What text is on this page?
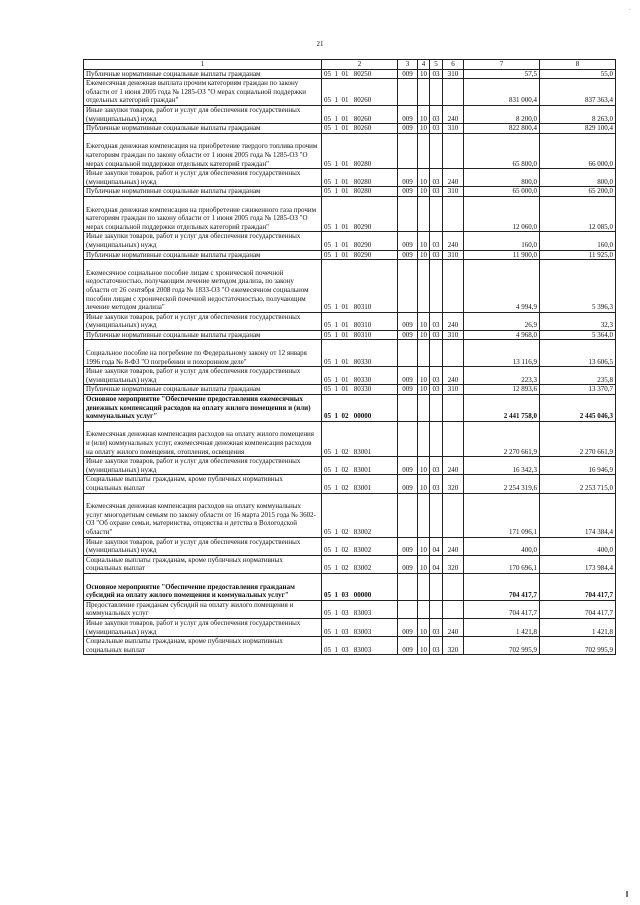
.
21
1	2	3	4	5	6	7	8
Публичные нормативные социальные выплаты гражданам	05  1  01   80250	009	10	03	310	57,5	55,0
Ежемесячная денежная выплата прочим категориям граждан по закону области от 1 июня 2005 года № 1285-ОЗ "О мерах социальной поддержки отдельных категорий граждан"	05  1  01   80260					831 000,4	837 363,4
Иные закупки товаров, работ и услуг для обеспечения государственных (муниципальных) нужд	05  1  01   80260	009	10	03	240	8 200,0	8 263,0
Публичные нормативные социальные выплаты гражданам	05  1  01   80260	009	10	03	310	822 800,4	829 100,4
Ежегодная денежная компенсация на приобретение твердого топлива прочим категориям граждан по закону области от 1 июня 2005 года № 1285-ОЗ "О мерах социальной поддержки отдельных категорий граждан"	05  1  01   80280					65 800,0	66 000,0
Иные закупки товаров, работ и услуг для обеспечения государственных (муниципальных) нужд	05  1  01   80280	009	10	03	240	800,0	800,0
Публичные нормативные социальные выплаты гражданам	05  1  01   80280	009	10	03	310	65 000,0	65 200,0
Ежегодная денежная компенсация на приобретение сжиженного газа прочим категориям граждан по закону области от 1 июня 2005 года № 1285-ОЗ "О мерах социальной поддержки отдельных категорий граждан"	05  1  01   80290					12 060,0	12 085,0
Иные закупки товаров, работ и услуг для обеспечения государственных (муниципальных) нужд	05  1  01   80290	009	10	03	240	160,0	160,0
Публичные нормативные социальные выплаты гражданам	05  1  01   80290	009	10	03	310	11 900,0	11 925,0
Ежемесячное социальное пособие лицам с хронической почечной недостаточностью, получающим лечение методом диализа, по закону области от 26 сентября 2008 года № 1833-ОЗ "О ежемесячном социальном пособии лицам с хронической почечной недостаточностью, получающим лечение методом диализа"	05  1  01   80310					4 994,9	5 396,3
Иные закупки товаров, работ и услуг для обеспечения государственных (муниципальных) нужд	05  1  01   80310	009	10	03	240	26,9	32,3
Публичные нормативные социальные выплаты гражданам	05  1  01   80310	009	10	03	310	4 968,0	5 364,0
Социальное пособие на погребение по Федеральному закону от 12 января 1996 года № 8-ФЗ "О погребении и похоронном деле"	05  1  01   80330					13 116,9	13 606,5
Иные закупки товаров, работ и услуг для обеспечения государственных (муниципальных) нужд	05  1  01   80330	009	10	03	240	223,3	235,8
Публичные нормативные социальные выплаты гражданам	05  1  01   80330	009	10	03	310	12 893,6	13 370,7
Основное мероприятие "Обеспечение предоставления ежемесячных денежных компенсаций расходов на оплату жилого помещения и (или) коммунальных услуг"	05  1  02   00000					2 441 758,0	2 445 046,3
Ежемесячная денежная компенсация расходов на оплату жилого помещения и (или) коммунальных услуг, ежемесячная денежная компенсация расходов на оплату жилого помещения, отопления, освещения	05  1  02   83001					2 270 661,9	2 270 661,9
Иные закупки товаров, работ и услуг для обеспечения государственных (муниципальных) нужд	05  1  02   83001	009	10	03	240	16 342,3	16 946,9
Социальные выплаты гражданам, кроме публичных нормативных социальных выплат	05  1  02   83001	009	10	03	320	2 254 319,6	2 253 715,0
Ежемесячная денежная компенсация расходов на оплату коммунальных услуг многодетным семьям по закону области от 16 марта 2015 года № 3602-ОЗ "Об охране семьи, материнства, отцовства и детства в Вологодской области"	05  1  02   83002					171 096,1	174 384,4
Иные закупки товаров, работ и услуг для обеспечения государственных (муниципальных) нужд	05  1  02   83002	009	10	04	240	400,0	400,0
Социальные выплаты гражданам, кроме публичных нормативных социальных выплат	05  1  02   83002	009	10	04	320	170 696,1	173 984,4
Основное мероприятие "Обеспечение предоставления гражданам субсидий на оплату жилого помещения и коммунальных услуг"	05  1  03   00000					704 417,7	704 417,7
Предоставление гражданам субсидий на оплату жилого помещения и коммунальных услуг	05  1  03   83003					704 417,7	704 417,7
Иные закупки товаров, работ и услуг для обеспечения государственных (муниципальных) нужд	05  1  03   83003	009	10	03	240	1 421,8	1 421,8
Социальные выплаты гражданам, кроме публичных нормативных социальных выплат	05  1  03   83003	009	10	03	320	702 995,9	702 995,9
